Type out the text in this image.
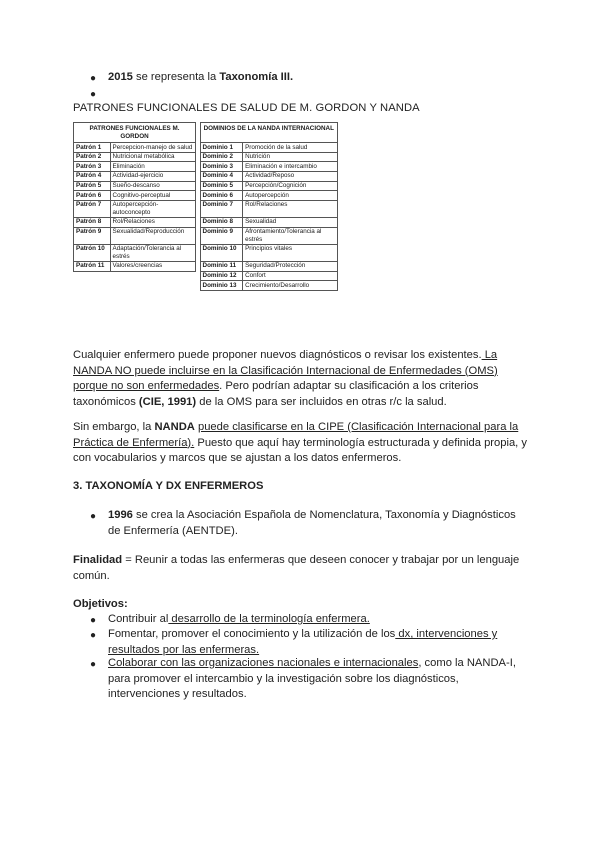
● 2015 se representa la Taxonomía III.
●
PATRONES FUNCIONALES DE SALUD DE M. GORDON Y NANDA
PATRONES FUNCIONALES M. GORDON			DOMINIOS DE LA NANDA INTERNACIONAL	
Patrón 1	Percepcion-manejo de salud		Dominio 1	Promoción de la salud
Patrón 2	Nutricional metabólica		Dominio 2	Nutrición
Patrón 3	Eliminación		Dominio 3	Eliminación e intercambio
Patrón 4	Actividad-ejercicio		Dominio 4	Actividad/Reposo
Patrón 5	Sueño-descanso		Dominio 5	Percepción/Cognición
Patrón 6	Cognitivo-perceptual		Dominio 6	Autopercepción
Patrón 7	Autopercepción-autoconcepto		Dominio 7	Rol/Relaciones
Patrón 8	Rol/Relaciones		Dominio 8	Sexualidad
Patrón 9	Sexualidad/Reproducción		Dominio 9	Afrontamiento/Tolerancia al estrés
Patrón 10	Adaptación/Tolerancia al estrés		Dominio 10	Principios vitales
Patrón 11	Valores/creencias		Dominio 11	Seguridad/Protección
			Dominio 12	Confort
			Dominio 13	Crecimiento/Desarrollo
Cualquier enfermero puede proponer nuevos diagnósticos o revisar los existentes. La NANDA NO puede incluirse en la Clasificación Internacional de Enfermedades (OMS) porque no son enfermedades. Pero podrían adaptar su clasificación a los criterios taxonómicos (CIE, 1991) de la OMS para ser incluidos en otras r/c la salud.
Sin embargo, la NANDA puede clasificarse en la CIPE (Clasificación Internacional para la Práctica de Enfermería). Puesto que aquí hay terminología estructurada y definida propia, y con vocabularios y marcos que se ajustan a los datos enfermeros.
3. TAXONOMÍA Y DX ENFERMEROS
● 1996 se crea la Asociación Española de Nomenclatura, Taxonomía y Diagnósticos de Enfermería (AENTDE).
Finalidad = Reunir a todas las enfermeras que deseen conocer y trabajar por un lenguaje común.
Objetivos:
● Contribuir al desarrollo de la terminología enfermera.
● Fomentar, promover el conocimiento y la utilización de los dx, intervenciones y resultados por las enfermeras.
● Colaborar con las organizaciones nacionales e internacionales, como la NANDA-I, para promover el intercambio y la investigación sobre los diagnósticos, intervenciones y resultados.
